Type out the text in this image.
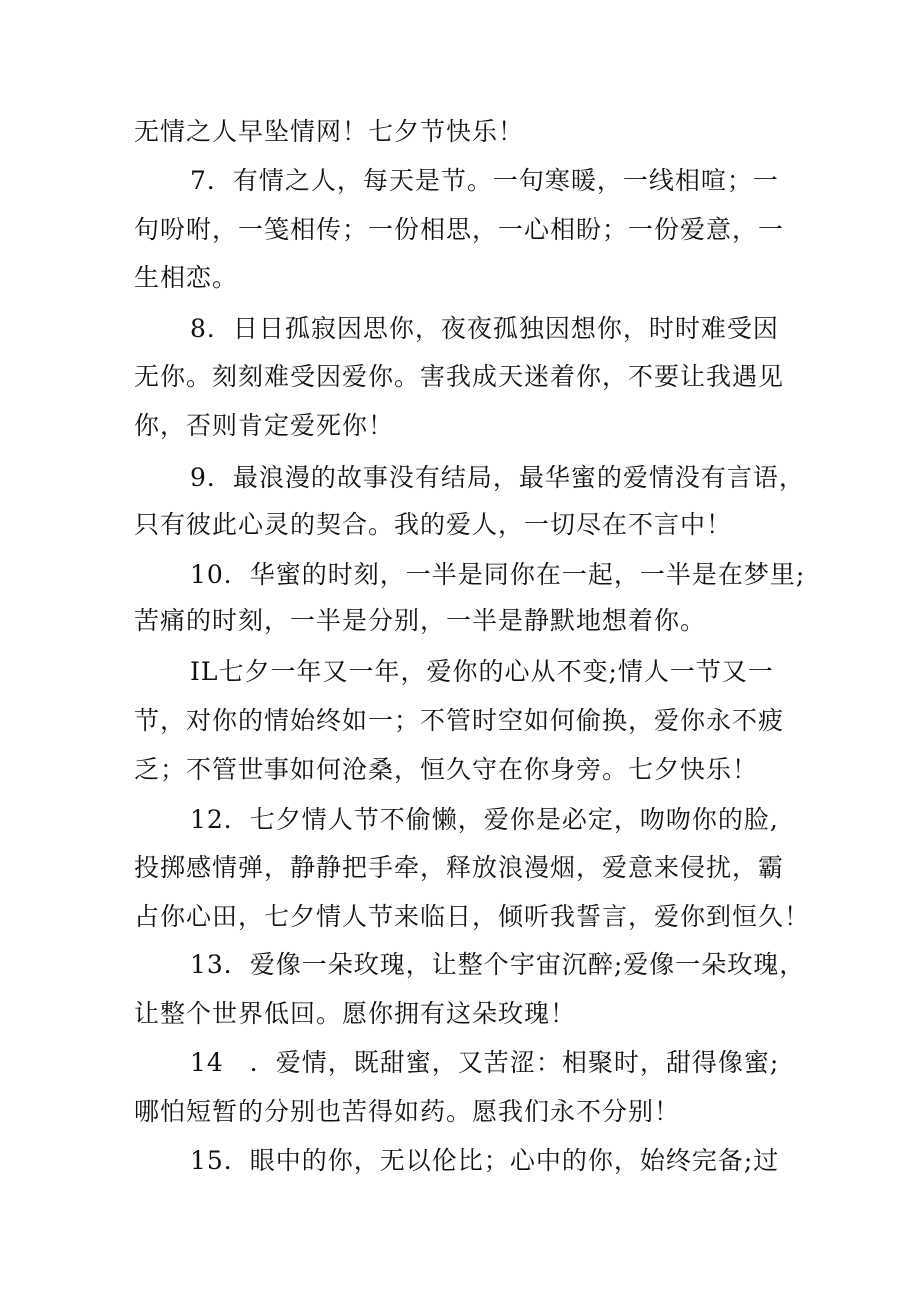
无情之人早坠情网！七夕节快乐！
7．有情之人，每天是节。一句寒暖，一线相喧；一
句吩咐，一笺相传；一份相思，一心相盼；一份爱意，一
生相恋。
8．日日孤寂因思你，夜夜孤独因想你，时时难受因
无你。刻刻难受因爱你。害我成天迷着你，不要让我遇见
你，否则肯定爱死你！
9．最浪漫的故事没有结局，最华蜜的爱情没有言语，
只有彼此心灵的契合。我的爱人，一切尽在不言中！
10．华蜜的时刻，一半是同你在一起，一半是在梦里;
苦痛的时刻，一半是分别，一半是静默地想着你。
IL七夕一年又一年，爱你的心从不变;情人一节又一
节，对你的情始终如一；不管时空如何偷换，爱你永不疲
乏；不管世事如何沧桑，恒久守在你身旁。七夕快乐！
12．七夕情人节不偷懒，爱你是必定，吻吻你的脸,
投掷感情弹，静静把手牵，释放浪漫烟，爱意来侵扰，霸
占你心田，七夕情人节来临日，倾听我誓言，爱你到恒久！
13．爱像一朵玫瑰，让整个宇宙沉醉;爱像一朵玫瑰，
让整个世界低回。愿你拥有这朵玫瑰！
14　．爱情，既甜蜜，又苦涩：相聚时，甜得像蜜;
哪怕短暂的分别也苦得如药。愿我们永不分别！
15．眼中的你，无以伦比；心中的你，始终完备;过
